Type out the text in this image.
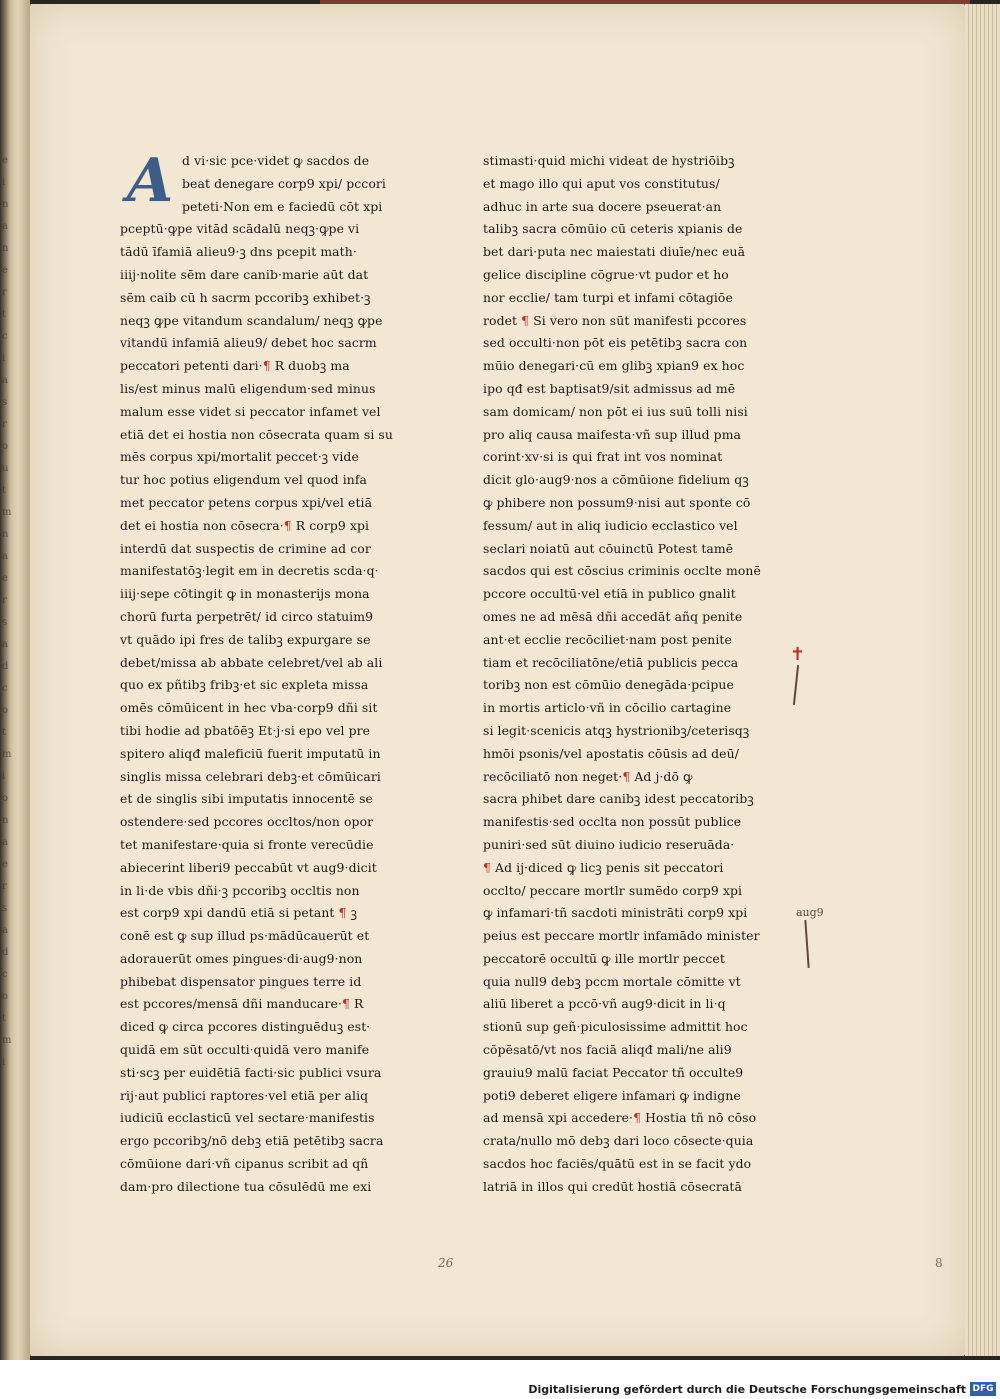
e
i
n
a
n
e
r
t
c
i
a
s
r
o
u
t
m
n
a
e
r
s
a
d
c
o
t
m
i
o
n
a
e
r
s
a
d
c
o
t
m
i
A d vi·sic pce·videt ꝙ sacdos de
beat denegare corp9 xpi/ pccori
peteti·Non em e faciedū cōt xpi
pceptū·ꝙpe vitād scādalū neqꝫ·ꝙpe vi
tādū īfamiā alieu9·ꝫ dns pcepit math·
iiij·nolite sēm dare canib·marie aūt dat
sēm caib cū h sacrm pccoribꝫ exhibet·ꝫ
neqꝫ ꝙpe vitandum scandalum/ neqꝫ ꝙpe
vitandū infamiā alieu9/ debet hoc sacrm
peccatori petenti dari·¶ R duobꝫ ma
lis/est minus malū eligendum·sed minus
malum esse videt si peccator infamet vel
etiā det ei hostia non cōsecrata quam si su
mēs corpus xpi/mortalit peccet·ꝫ vide
tur hoc potius eligendum vel quod infa
met peccator petens corpus xpi/vel etiā
det ei hostia non cōsecra·¶ R corp9 xpi
interdū dat suspectis de crimine ad cor
manifestatōꝫ·legit em in decretis scda·q·
iiij·sepe cōtingit ꝙ in monasterijs mona
chorū furta perpetrēt/ id circo statuim9
vt quādo ipi fres de talibꝫ expurgare se
debet/missa ab abbate celebret/vel ab ali
quo ex pñtibꝫ fribꝫ·et sic expleta missa
omēs cōmūicent in hec vba·corp9 dñi sit
tibi hodie ad pbatōēꝫ Et·j·si epo vel pre
spitero aliqđ maleficiū fuerit imputatū in
singlis missa celebrari debꝫ·et cōmūicari
et de singlis sibi imputatis innocentē se
ostendere·sed pccores occltos/non opor
tet manifestare·quia si fronte verecūdie
abiecerint liberi9 peccabūt vt aug9·dicit
in li·de vbis dñi·ꝫ pccoribꝫ occltis non
est corp9 xpi dandū etiā si petant ¶ ꝫ
conē est ꝙ sup illud ps·mādūcauerūt et
adorauerūt omes pingues·di·aug9·non
phibebat dispensator pingues terre id
est pccores/mensā dñi manducare·¶ R
diced ꝙ circa pccores distinguēduꝫ est·
quidā em sūt occulti·quidā vero manife
sti·scꝫ per euidētiā facti·sic publici vsura
rij·aut publici raptores·vel etiā per aliq
iudiciū ecclasticū vel sectare·manifestis
ergo pccoribꝫ/nō debꝫ etiā petētibꝫ sacra
cōmūione dari·vñ cipanus scribit ad qñ
dam·pro dilectione tua cōsulēdū me exi
stimasti·quid michi videat de hystriōibꝫ
et mago illo qui aput vos constitutus/
adhuc in arte sua docere pseuerat·an
talibꝫ sacra cōmūio cū ceteris xpianis de
bet dari·puta nec maiestati diuīe/nec euā
gelice discipline cōgrue·vt pudor et ho
nor ecclie/ tam turpi et infami cōtagiōe
rodet ¶ Si vero non sūt manifesti pccores
sed occulti·non pōt eis petētibꝫ sacra con
mūio denegari·cū em glibꝫ xpian9 ex hoc
ipo qđ est baptisat9/sit admissus ad mē
sam domicam/ non pōt ei ius suū tolli nisi
pro aliq causa maifesta·vñ sup illud pma
corint·xv·si is qui frat int vos nominat
dicit glo·aug9·nos a cōmūione fidelium qꝫ
ꝙ phibere non possum9·nisi aut sponte cō
fessum/ aut in aliq iudicio ecclastico vel
seclari noiatū aut cōuinctū Potest tamē
sacdos qui est cōscius criminis occlte monē
pccore occultū·vel etiā in publico gnalit
omes ne ad mēsā dñi accedāt añq penite
ant·et ecclie recōciliet·nam post penite
tiam et recōciliatōne/etiā publicis pecca
toribꝫ non est cōmūio denegāda·pcipue
in mortis articlo·vñ in cōcilio cartagine
si legit·scenicis atqꝫ hystrionibꝫ/ceterisqꝫ
hmōi psonis/vel apostatis cōūsis ad deū/
recōciliatō non neget·¶ Ad j·dō ꝙ
sacra phibet dare canibꝫ idest peccatoribꝫ
manifestis·sed occlta non possūt publice
puniri·sed sūt diuino iudicio reseruāda·
¶ Ad ij·diced ꝙ licꝫ penis sit peccatori
occlto/ peccare mortlr sumēdo corp9 xpi
ꝙ infamari·tñ sacdoti ministrāti corp9 xpi
peius est peccare mortlr infamādo minister
peccatorē occultū ꝙ ille mortlr peccet
quia null9 debꝫ pccm mortale cōmitte vt
aliū liberet a pccō·vñ aug9·dicit in li·q
stionū sup geñ·piculosissime admittit hoc
cōpēsatō/vt nos faciā aliqđ mali/ne ali9
grauiu9 malū faciat Peccator tñ occulte9
poti9 deberet eligere infamari ꝙ indigne
ad mensā xpi accedere·¶ Hostia tñ nō cōso
crata/nullo mō debꝫ dari loco cōsecte·quia
sacdos hoc faciēs/quātū est in se facit ydo
latriā in illos qui credūt hostiā cōsecratā
✝
aug9
26	8
Digitalisierung gefördert durch die Deutsche Forschungsgemeinschaft DFG
